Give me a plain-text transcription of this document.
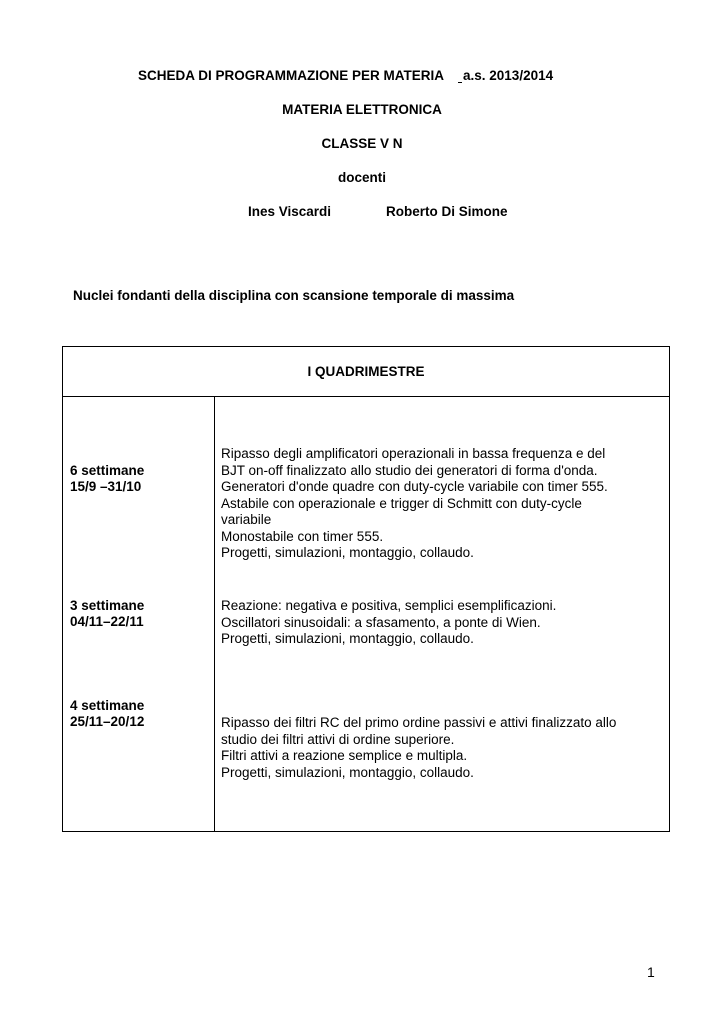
SCHEDA DI PROGRAMMAZIONE PER MATERIA a.s. 2013/2014
MATERIA ELETTRONICA
CLASSE V N
docenti
Ines Viscardi	Roberto Di Simone
Nuclei fondanti della disciplina con scansione temporale di massima
I QUADRIMESTRE
6 settimane
15/9 –31/10
Ripasso degli amplificatori operazionali in bassa frequenza e del
BJT on-off finalizzato allo studio dei generatori di forma d'onda.
Generatori d'onde quadre con duty-cycle variabile con timer 555.
Astabile con operazionale e trigger di Schmitt con duty-cycle
variabile
Monostabile con timer 555.
Progetti, simulazioni, montaggio, collaudo.
3 settimane
04/11–22/11
Reazione: negativa e positiva, semplici esemplificazioni.
Oscillatori sinusoidali: a sfasamento, a ponte di Wien.
Progetti, simulazioni, montaggio, collaudo.
4 settimane
25/11–20/12	Ripasso dei filtri RC del primo ordine passivi e attivi finalizzato allo
studio dei filtri attivi di ordine superiore.
Filtri attivi a reazione semplice e multipla.
Progetti, simulazioni, montaggio, collaudo.
1
